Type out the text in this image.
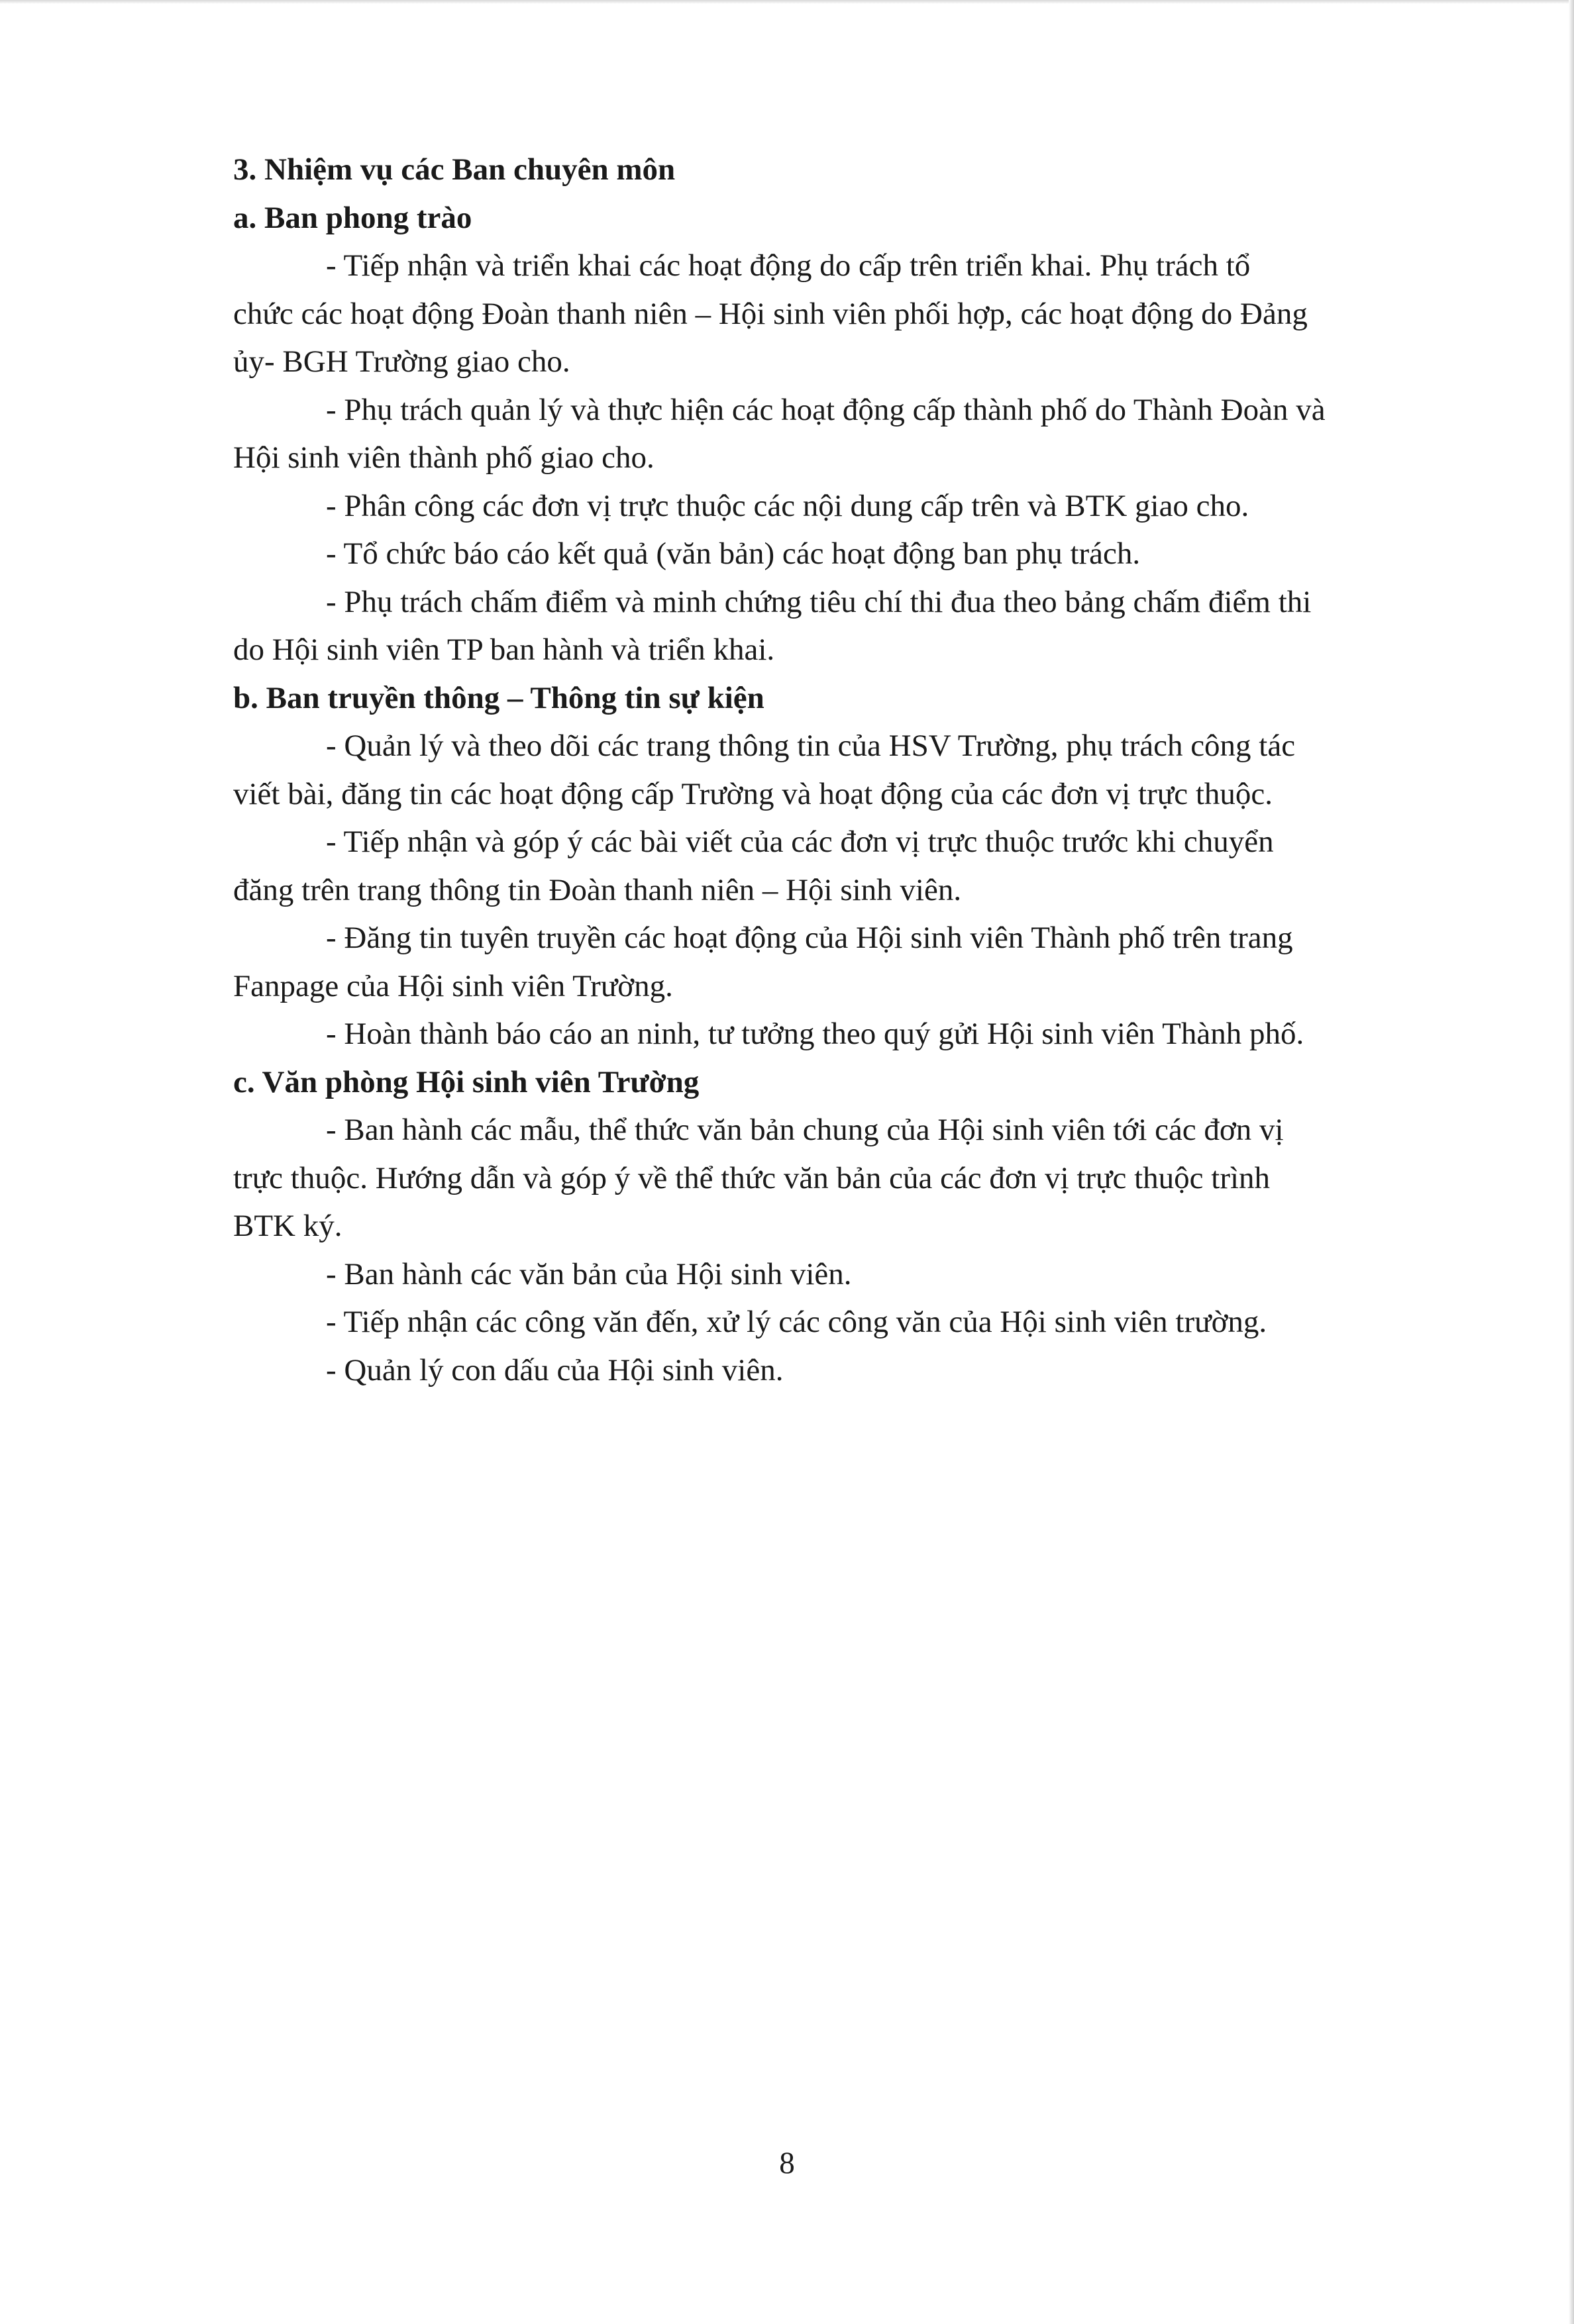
3. Nhiệm vụ các Ban chuyên môn
a. Ban phong trào
- Tiếp nhận và triển khai các hoạt động do cấp trên triển khai. Phụ trách tổ
chức các hoạt động Đoàn thanh niên – Hội sinh viên phối hợp, các hoạt động do Đảng
ủy- BGH Trường giao cho.
- Phụ trách quản lý và thực hiện các hoạt động cấp thành phố do Thành Đoàn và
Hội sinh viên thành phố giao cho.
- Phân công các đơn vị trực thuộc các nội dung cấp trên và BTK giao cho.
- Tổ chức báo cáo kết quả (văn bản) các hoạt động ban phụ trách.
- Phụ trách chấm điểm và minh chứng tiêu chí thi đua theo bảng chấm điểm thi
do Hội sinh viên TP ban hành và triển khai.
b. Ban truyền thông – Thông tin sự kiện
- Quản lý và theo dõi các trang thông tin của HSV Trường, phụ trách công tác
viết bài, đăng tin các hoạt động cấp Trường và hoạt động của các đơn vị trực thuộc.
- Tiếp nhận và góp ý các bài viết của các đơn vị trực thuộc trước khi chuyển
đăng trên trang thông tin Đoàn thanh niên – Hội sinh viên.
- Đăng tin tuyên truyền các hoạt động của Hội sinh viên Thành phố trên trang
Fanpage của Hội sinh viên Trường.
- Hoàn thành báo cáo an ninh, tư tưởng theo quý gửi Hội sinh viên Thành phố.
c. Văn phòng Hội sinh viên Trường
- Ban hành các mẫu, thể thức văn bản chung của Hội sinh viên tới các đơn vị
trực thuộc. Hướng dẫn và góp ý về thể thức văn bản của các đơn vị trực thuộc trình
BTK ký.
- Ban hành các văn bản của Hội sinh viên.
- Tiếp nhận các công văn đến, xử lý các công văn của Hội sinh viên trường.
- Quản lý con dấu của Hội sinh viên.
8
